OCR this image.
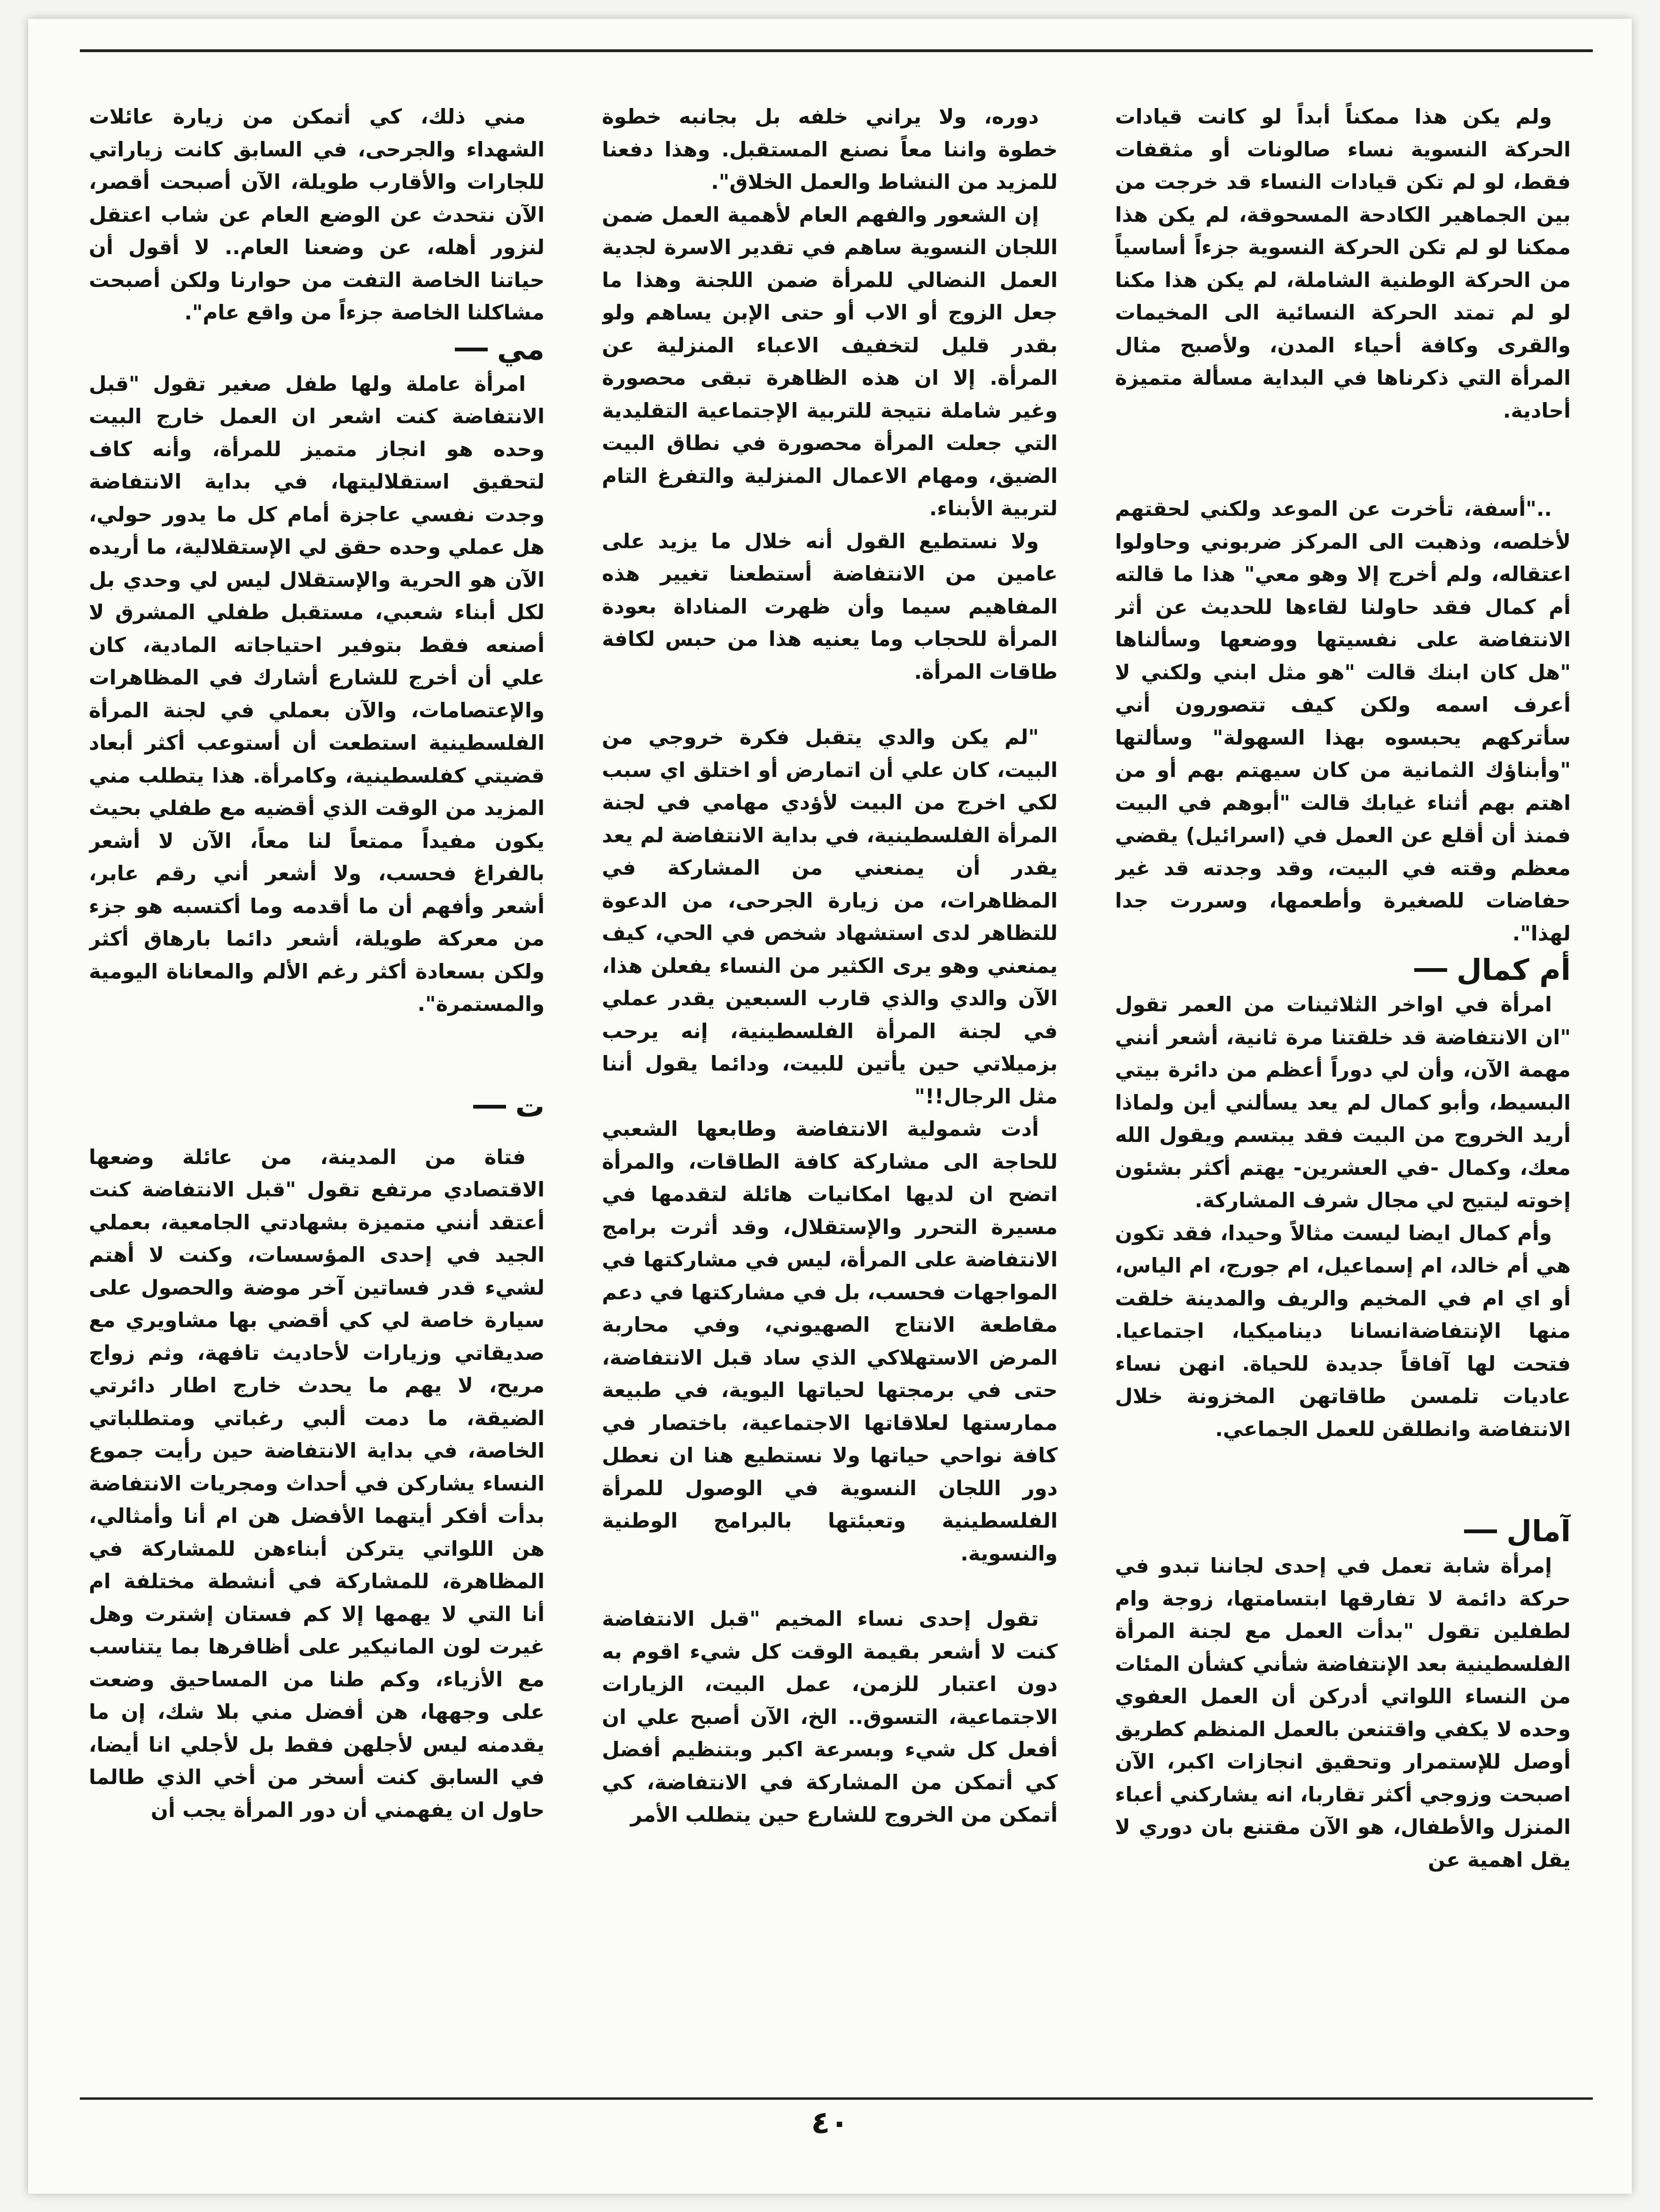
ولم يكن هذا ممكناً أبداً لو كانت قيادات الحركة النسوية نساء صالونات أو مثقفات فقط، لو لم تكن قيادات النساء قد خرجت من بين الجماهير الكادحة المسحوقة، لم يكن هذا ممكنا لو لم تكن الحركة النسوية جزءاً أساسياً من الحركة الوطنية الشاملة، لم يكن هذا مكنا لو لم تمتد الحركة النسائية الى المخيمات والقرى وكافة أحياء المدن، ولأصبح مثال المرأة التي ذكرناها في البداية مسألة متميزة أحادية.

.."أسفة، تأخرت عن الموعد ولكني لحقتهم لأخلصه، وذهبت الى المركز ضربوني وحاولوا اعتقاله، ولم أخرج إلا وهو معي" هذا ما قالته أم كمال فقد حاولنا لقاءها للحديث عن أثر الانتفاضة على نفسيتها ووضعها وسألناها "هل كان ابنك قالت "هو مثل ابني ولكني لا أعرف اسمه ولكن كيف تتصورون أني سأتركهم يحبسوه بهذا السهولة" وسألتها "وأبناؤك الثمانية من كان سيهتم بهم أو من اهتم بهم أثناء غيابك قالت "أبوهم في البيت فمنذ أن أقلع عن العمل في (اسرائيل) يقضي معظم وقته في البيت، وقد وجدته قد غير حفاضات للصغيرة وأطعمها، وسررت جدا لهذا".

أم كمال

امرأة في اواخر الثلاثينات من العمر تقول "ان الانتفاضة قد خلقتنا مرة ثانية، أشعر أنني مهمة الآن، وأن لي دوراً أعظم من دائرة بيتي البسيط، وأبو كمال لم يعد يسألني أين ولماذا أريد الخروج من البيت فقد يبتسم ويقول الله معك، وكمال -في العشرين- يهتم أكثر بشئون إخوته ليتيح لي مجال شرف المشاركة.

وأم كمال ايضا ليست مثالاً وحيدا، فقد تكون هي أم خالد، ام إسماعيل، ام جورج، ام الياس، أو اي ام في المخيم والريف والمدينة خلقت منها الإنتفاضةانسانا ديناميكيا، اجتماعيا. فتحت لها آفاقاً جديدة للحياة. انهن نساء عاديات تلمسن طاقاتهن المخزونة خلال الانتفاضة وانطلقن للعمل الجماعي.

آمال

إمرأة شابة تعمل في إحدى لجاننا تبدو في حركة دائمة لا تفارقها ابتسامتها، زوجة وام لطفلين تقول "بدأت العمل مع لجنة المرأة الفلسطينية بعد الإنتفاضة شأني كشأن المئات من النساء اللواتي أدركن أن العمل العفوي وحده لا يكفي واقتنعن بالعمل المنظم كطريق أوصل للإستمرار وتحقيق انجازات اكبر، الآن اصبحت وزوجي أكثر تقاربا، انه يشاركني أعباء المنزل والأطفال، هو الآن مقتنع بان دوري لا يقل اهمية عن

دوره، ولا يراني خلفه بل بجانبه خطوة خطوة واننا معاً نصنع المستقبل. وهذا دفعنا للمزيد من النشاط والعمل الخلاق".

إن الشعور والفهم العام لأهمية العمل ضمن اللجان النسوية ساهم في تقدير الاسرة لجدية العمل النضالي للمرأة ضمن اللجنة وهذا ما جعل الزوج أو الاب أو حتى الإبن يساهم ولو بقدر قليل لتخفيف الاعباء المنزلية عن المرأة. إلا ان هذه الظاهرة تبقى محصورة وغير شاملة نتيجة للتربية الإجتماعية التقليدية التي جعلت المرأة محصورة في نطاق البيت الضيق، ومهام الاعمال المنزلية والتفرغ التام لتربية الأبناء.

ولا نستطيع القول أنه خلال ما يزيد على عامين من الانتفاضة أستطعنا تغيير هذه المفاهيم سيما وأن ظهرت المناداة بعودة المرأة للحجاب وما يعنيه هذا من حبس لكافة طاقات المرأة.

"لم يكن والدي يتقبل فكرة خروجي من البيت، كان علي أن اتمارض أو اختلق اي سبب لكي اخرج من البيت لأؤدي مهامي في لجنة المرأة الفلسطينية، في بداية الانتفاضة لم يعد يقدر أن يمنعني من المشاركة في المظاهرات، من زيارة الجرحى، من الدعوة للتظاهر لدى استشهاد شخص في الحي، كيف يمنعني وهو يرى الكثير من النساء يفعلن هذا، الآن والدي والذي قارب السبعين يقدر عملي في لجنة المرأة الفلسطينية، إنه يرحب بزميلاتي حين يأتين للبيت، ودائما يقول أننا مثل الرجال!!"

أدت شمولية الانتفاضة وطابعها الشعبي للحاجة الى مشاركة كافة الطاقات، والمرأة اتضح ان لديها امكانيات هائلة لتقدمها في مسيرة التحرر والإستقلال، وقد أثرت برامج الانتفاضة على المرأة، ليس في مشاركتها في المواجهات فحسب، بل في مشاركتها في دعم مقاطعة الانتاج الصهيوني، وفي محاربة المرض الاستهلاكي الذي ساد قبل الانتفاضة، حتى في برمجتها لحياتها اليوية، في طبيعة ممارستها لعلاقاتها الاجتماعية، باختصار في كافة نواحي حياتها ولا نستطيع هنا ان نعطل دور اللجان النسوية في الوصول للمرأة الفلسطينية وتعبئتها بالبرامج الوطنية والنسوية.

تقول إحدى نساء المخيم "قبل الانتفاضة كنت لا أشعر بقيمة الوقت كل شيء اقوم به دون اعتبار للزمن، عمل البيت، الزيارات الاجتماعية، التسوق.. الخ، الآن أصبح علي ان أفعل كل شيء وبسرعة اكبر وبتنظيم أفضل كي أتمكن من المشاركة في الانتفاضة، كي أتمكن من الخروج للشارع حين يتطلب الأمر

مني ذلك، كي أتمكن من زيارة عائلات الشهداء والجرحى، في السابق كانت زياراتي للجارات والأقارب طويلة، الآن أصبحت أقصر، الآن نتحدث عن الوضع العام عن شاب اعتقل لنزور أهله، عن وضعنا العام.. لا أقول أن حياتنا الخاصة التفت من حوارنا ولكن أصبحت مشاكلنا الخاصة جزءاً من واقع عام".

مي

امرأة عاملة ولها طفل صغير تقول "قبل الانتفاضة كنت اشعر ان العمل خارج البيت وحده هو انجاز متميز للمرأة، وأنه كاف لتحقيق استقلاليتها، في بداية الانتفاضة وجدت نفسي عاجزة أمام كل ما يدور حولي، هل عملي وحده حقق لي الإستقلالية، ما أريده الآن هو الحرية والإستقلال ليس لي وحدي بل لكل أبناء شعبي، مستقبل طفلي المشرق لا أصنعه فقط بتوفير احتياجاته المادية، كان علي أن أخرج للشارع أشارك في المظاهرات والإعتصامات، والآن بعملي في لجنة المرأة الفلسطينية استطعت أن أستوعب أكثر أبعاد قضيتي كفلسطينية، وكامرأة. هذا يتطلب مني المزيد من الوقت الذي أقضيه مع طفلي بحيث يكون مفيداً ممتعاً لنا معاً، الآن لا أشعر بالفراغ فحسب، ولا أشعر أني رقم عابر، أشعر وأفهم أن ما أقدمه وما أكتسبه هو جزء من معركة طويلة، أشعر دائما بارهاق أكثر ولكن بسعادة أكثر رغم الألم والمعاناة اليومية والمستمرة".

ت

فتاة من المدينة، من عائلة وضعها الاقتصادي مرتفع تقول "قبل الانتفاضة كنت أعتقد أنني متميزة بشهادتي الجامعية، بعملي الجيد في إحدى المؤسسات، وكنت لا أهتم لشيء قدر فساتين آخر موضة والحصول على سيارة خاصة لي كي أقضي بها مشاويري مع صديقاتي وزيارات لأحاديث تافهة، وثم زواج مريح، لا يهم ما يحدث خارج اطار دائرتي الضيقة، ما دمت ألبي رغباتي ومتطلباتي الخاصة، في بداية الانتفاضة حين رأيت جموع النساء يشاركن في أحداث ومجريات الانتفاضة بدأت أفكر أيتهما الأفضل هن ام أنا وأمثالي، هن اللواتي يتركن أبناءهن للمشاركة في المظاهرة، للمشاركة في أنشطة مختلفة ام أنا التي لا يهمها إلا كم فستان إشترت وهل غيرت لون المانيكير على أظافرها بما يتناسب مع الأزياء، وكم طنا من المساحيق وضعت على وجهها، هن أفضل مني بلا شك، إن ما يقدمنه ليس لأجلهن فقط بل لأجلي انا أيضا، في السابق كنت أسخر من أخي الذي طالما حاول ان يفهمني أن دور المرأة يجب أن

٤٠
